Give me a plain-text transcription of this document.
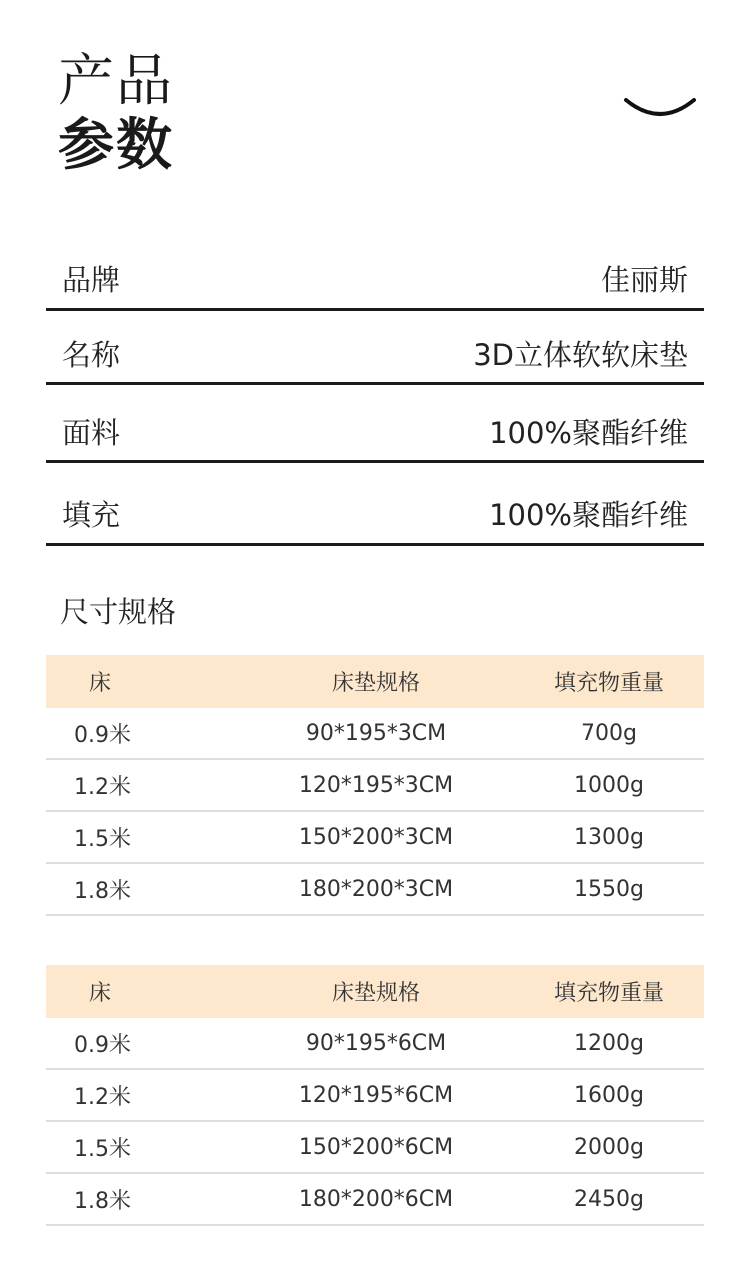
产品
参数
品牌	佳丽斯
名称	3D立体软软床垫
面料	100%聚酯纤维
填充	100%聚酯纤维
尺寸规格
床	床垫规格	填充物重量
0.9米	90*195*3CM	700g
1.2米	120*195*3CM	1000g
1.5米	150*200*3CM	1300g
1.8米	180*200*3CM	1550g
床	床垫规格	填充物重量
0.9米	90*195*6CM	1200g
1.2米	120*195*6CM	1600g
1.5米	150*200*6CM	2000g
1.8米	180*200*6CM	2450g
